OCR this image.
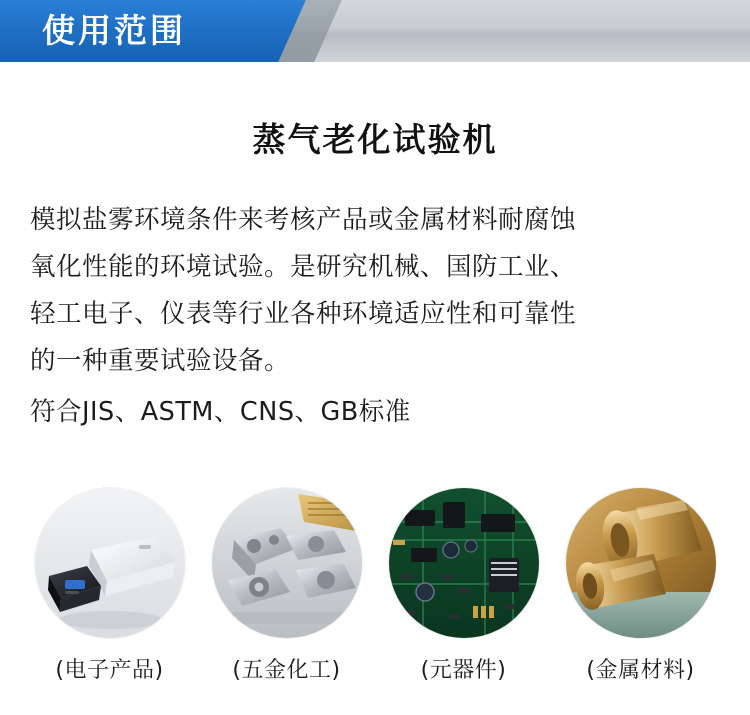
使用范围
蒸气老化试验机

模拟盐雾环境条件来考核产品或金属材料耐腐蚀

氧化性能的环境试验。是研究机械、国防工业、

轻工电子、仪表等行业各种环境适应性和可靠性

的一种重要试验设备。

符合JIS、ASTM、CNS、GB标准
(电子产品)	(五金化工)	(元器件)	(金属材料)
